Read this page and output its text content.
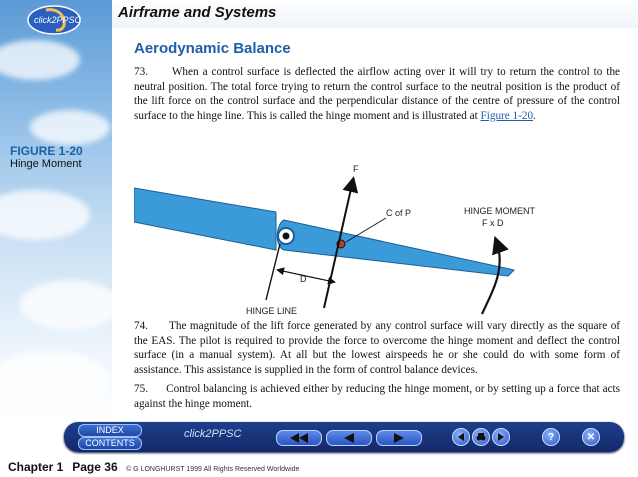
click2PPSC Airframe and Systems
Aerodynamic Balance
73. When a control surface is deflected the airflow acting over it will try to return the control to the neutral position. The total force trying to return the control surface to the neutral position is the product of the lift force on the control surface and the perpendicular distance of the centre of pressure of the control surface to the hinge line. This is called the hinge moment and is illustrated at Figure 1-20.
FIGURE 1-20
Hinge Moment	F
C of P
D
HINGE LINE
HINGE MOMENT
F x D
74. The magnitude of the lift force generated by any control surface will vary directly as the square of the EAS. The pilot is required to provide the force to overcome the hinge moment and deflect the control surface (in a manual system). At all but the lowest airspeeds he or she could do with some form of assistance. This assistance is supplied in the form of control balance devices.
75. Control balancing is achieved either by reducing the hinge moment, or by setting up a force that acts against the hinge moment.
INDEX
CONTENTS
click2PPSC	?	✕
Chapter 1 Page 36 © G LONGHURST 1999 All Rights Reserved Worldwide
